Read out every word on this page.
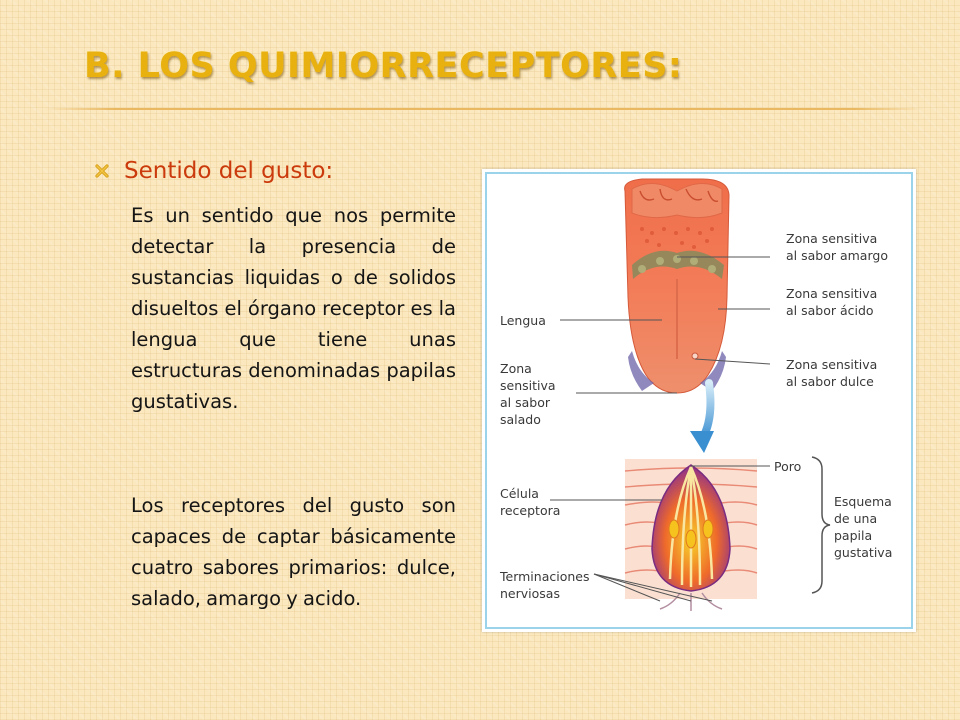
B. LOS QUIMIORRECEPTORES:
Sentido del gusto:

Es un sentido que nos permite detectar la presencia de sustancias liquidas o de solidos disueltos el órgano receptor es la lengua que tiene unas estructuras denominadas papilas gustativas.

Los receptores del gusto son capaces de captar básicamente cuatro sabores primarios: dulce, salado, amargo y acido.

Zona sensitiva
al sabor amargo
Zona sensitiva
al sabor ácido
Lengua
Zona sensitiva
al sabor dulce
Zona
sensitiva
al sabor
salado
Poro
Célula
receptora
Esquema
de una
papila
gustativa
Terminaciones
nerviosas
